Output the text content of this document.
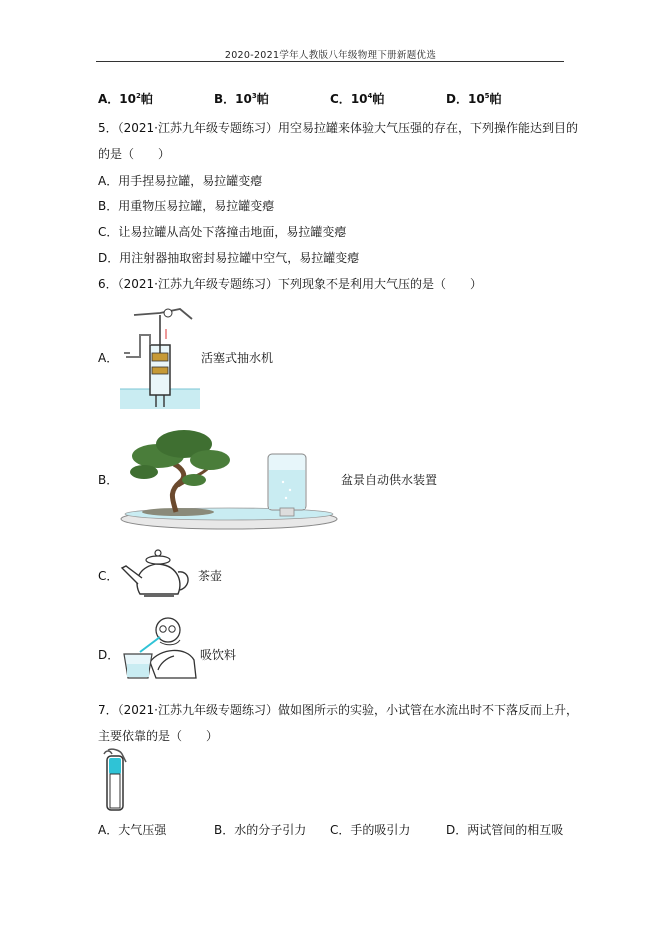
2020-2021学年人教版八年级物理下册新题优选
A．$10^2$帕	B．$10^3$帕	C．$10^4$帕	D．$10^5$帕
5．（2021·江苏九年级专题练习）用空易拉罐来体验大气压强的存在，下列操作能达到目的
的是（　　）
A．用手捏易拉罐，易拉罐变瘪
B．用重物压易拉罐，易拉罐变瘪
C．让易拉罐从高处下落撞击地面，易拉罐变瘪
D．用注射器抽取密封易拉罐中空气，易拉罐变瘪
6．（2021·江苏九年级专题练习）下列现象不是利用大气压的是（　　）
A．	活塞式抽水机
B．	盆景自动供水装置
C．	茶壶
D．	吸饮料
7．（2021·江苏九年级专题练习）做如图所示的实验，小试管在水流出时不下落反而上升，
主要依靠的是（　　）
A．大气压强	B．水的分子引力 C．手的吸引力	D．两试管间的相互吸
